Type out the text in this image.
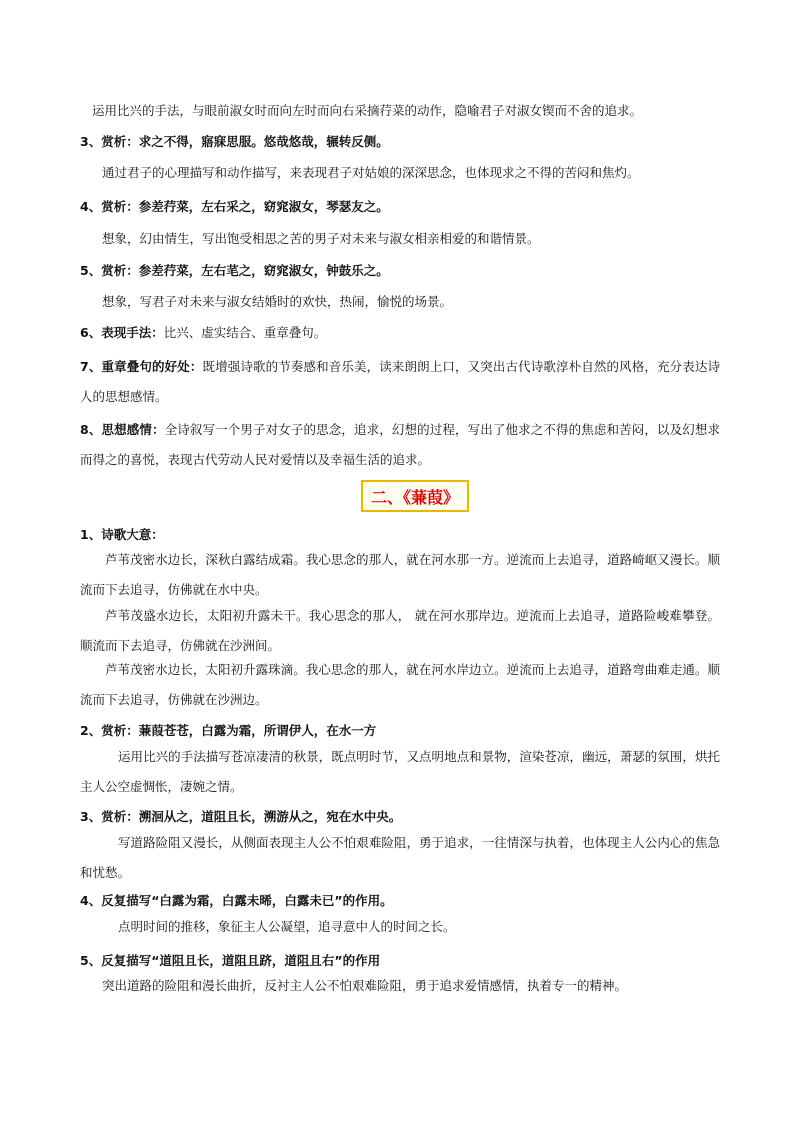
运用比兴的手法，与眼前淑女时而向左时而向右采摘荇菜的动作，隐喻君子对淑女锲而不舍的追求。
3、赏析：求之不得，寤寐思服。悠哉悠哉，辗转反侧。
通过君子的心理描写和动作描写，来表现君子对姑娘的深深思念，也体现求之不得的苦闷和焦灼。
4、赏析：参差荇菜，左右采之，窈窕淑女，琴瑟友之。
想象，幻由情生，写出饱受相思之苦的男子对未来与淑女相亲相爱的和谐情景。
5、赏析：参差荇菜，左右芼之，窈窕淑女，钟鼓乐之。
想象，写君子对未来与淑女结婚时的欢快，热闹，愉悦的场景。
6、表现手法：比兴、虚实结合、重章叠句。
7、重章叠句的好处：既增强诗歌的节奏感和音乐美，读来朗朗上口，又突出古代诗歌淳朴自然的风格，充分表达诗人的思想感情。
8、思想感情：全诗叙写一个男子对女子的思念，追求，幻想的过程，写出了他求之不得的焦虑和苦闷，以及幻想求而得之的喜悦，表现古代劳动人民对爱情以及幸福生活的追求。
二、《蒹葭》
1、诗歌大意：
芦苇茂密水边长，深秋白露结成霜。我心思念的那人，就在河水那一方。逆流而上去追寻，道路崎岖又漫长。顺流而下去追寻，仿佛就在水中央。
芦苇茂盛水边长，太阳初升露未干。我心思念的那人， 就在河水那岸边。逆流而上去追寻，道路险峻难攀登。顺流而下去追寻，仿佛就在沙洲间。
芦苇茂密水边长，太阳初升露珠滴。我心思念的那人，就在河水岸边立。逆流而上去追寻，道路弯曲难走通。顺流而下去追寻，仿佛就在沙洲边。
2、赏析：蒹葭苍苍，白露为霜，所谓伊人，在水一方
运用比兴的手法描写苍凉凄清的秋景，既点明时节，又点明地点和景物，渲染苍凉，幽远，萧瑟的氛围，烘托主人公空虚惆怅，凄婉之情。
3、赏析：溯洄从之，道阻且长，溯游从之，宛在水中央。
写道路险阻又漫长，从侧面表现主人公不怕艰难险阻，勇于追求，一往情深与执着，也体现主人公内心的焦急和忧愁。
4、反复描写“白露为霜，白露未晞，白露未已”的作用。
点明时间的推移，象征主人公凝望，追寻意中人的时间之长。
5、反复描写“道阻且长，道阻且跻，道阻且右”的作用
突出道路的险阻和漫长曲折，反衬主人公不怕艰难险阻，勇于追求爱情感情，执着专一的精神。
